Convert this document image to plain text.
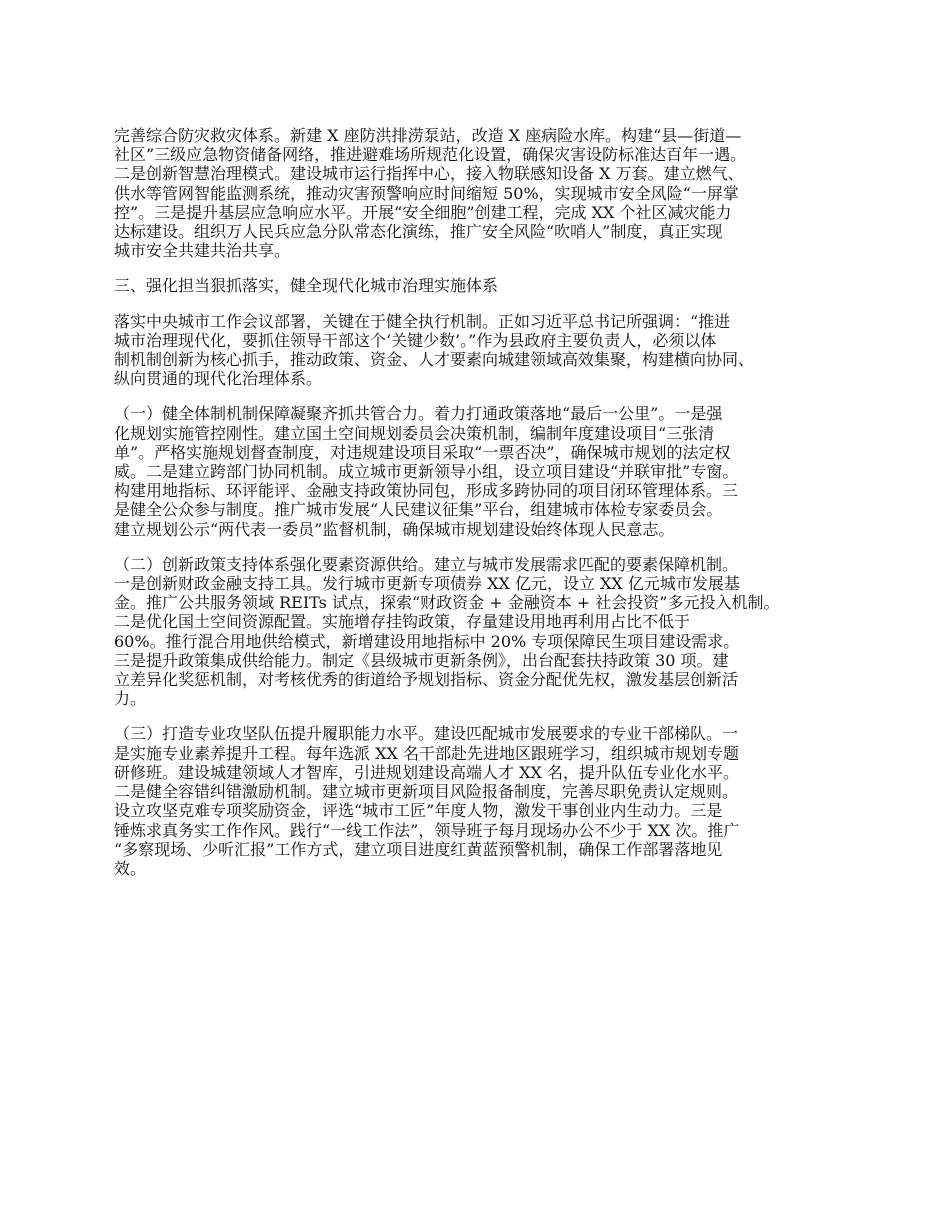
完善综合防灾救灾体系。新建 X 座防洪排涝泵站，改造 X 座病险水库。构建“县—街道—
社区”三级应急物资储备网络，推进避难场所规范化设置，确保灾害设防标准达百年一遇。
二是创新智慧治理模式。建设城市运行指挥中心，接入物联感知设备 X 万套。建立燃气、
供水等管网智能监测系统，推动灾害预警响应时间缩短 50%，实现城市安全风险“一屏掌
控”。三是提升基层应急响应水平。开展“安全细胞”创建工程，完成 XX 个社区减灾能力
达标建设。组织万人民兵应急分队常态化演练，推广安全风险“吹哨人”制度，真正实现
城市安全共建共治共享。

三、强化担当狠抓落实，健全现代化城市治理实施体系

落实中央城市工作会议部署，关键在于健全执行机制。正如习近平总书记所强调：“推进
城市治理现代化，要抓住领导干部这个‘关键少数’。”作为县政府主要负责人，必须以体
制机制创新为核心抓手，推动政策、资金、人才要素向城建领域高效集聚，构建横向协同、
纵向贯通的现代化治理体系。

（一）健全体制机制保障凝聚齐抓共管合力。着力打通政策落地“最后一公里”。一是强
化规划实施管控刚性。建立国土空间规划委员会决策机制，编制年度建设项目“三张清
单”。严格实施规划督查制度，对违规建设项目采取“一票否决”，确保城市规划的法定权
威。二是建立跨部门协同机制。成立城市更新领导小组，设立项目建设“并联审批”专窗。
构建用地指标、环评能评、金融支持政策协同包，形成多跨协同的项目闭环管理体系。三
是健全公众参与制度。推广城市发展“人民建议征集”平台，组建城市体检专家委员会。
建立规划公示“两代表一委员”监督机制，确保城市规划建设始终体现人民意志。

（二）创新政策支持体系强化要素资源供给。建立与城市发展需求匹配的要素保障机制。
一是创新财政金融支持工具。发行城市更新专项债券 XX 亿元，设立 XX 亿元城市发展基
金。推广公共服务领域 REITs 试点，探索“财政资金 + 金融资本 + 社会投资”多元投入机制。
二是优化国土空间资源配置。实施增存挂钩政策，存量建设用地再利用占比不低于
60%。推行混合用地供给模式，新增建设用地指标中 20% 专项保障民生项目建设需求。
三是提升政策集成供给能力。制定《县级城市更新条例》，出台配套扶持政策 30 项。建
立差异化奖惩机制，对考核优秀的街道给予规划指标、资金分配优先权，激发基层创新活
力。

（三）打造专业攻坚队伍提升履职能力水平。建设匹配城市发展要求的专业干部梯队。一
是实施专业素养提升工程。每年选派 XX 名干部赴先进地区跟班学习，组织城市规划专题
研修班。建设城建领域人才智库，引进规划建设高端人才 XX 名，提升队伍专业化水平。
二是健全容错纠错激励机制。建立城市更新项目风险报备制度，完善尽职免责认定规则。
设立攻坚克难专项奖励资金，评选“城市工匠”年度人物，激发干事创业内生动力。三是
锤炼求真务实工作作风。践行“一线工作法”，领导班子每月现场办公不少于 XX 次。推广
“多察现场、少听汇报”工作方式，建立项目进度红黄蓝预警机制，确保工作部署落地见
效。
